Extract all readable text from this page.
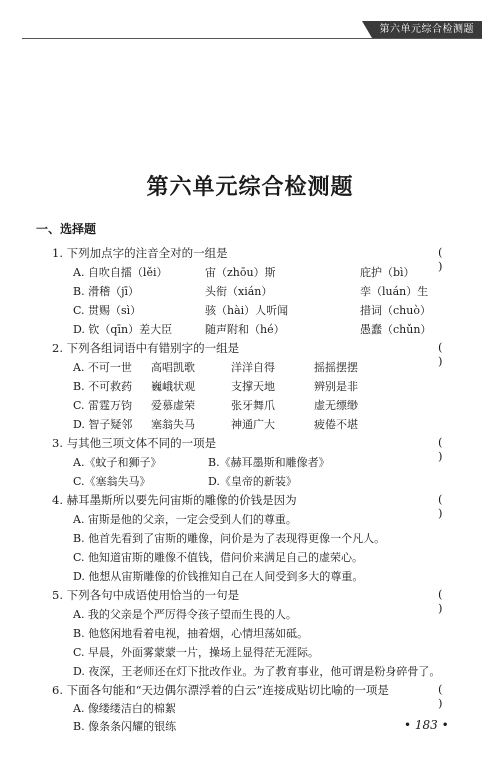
第六单元综合检测题
第六单元综合检测题
一、选择题
1. 下列加点字的注音全对的一组是	( )
A. 自吹自擂（lěi）	宙（zhōu）斯	庇护（bì）
B. 滑稽（jī）	头衔（xián）	孪（luán）生
C. 贯赐（sì）	骇（hài）人听闻	措词（chuò）
D. 钦（qīn）差大臣	随声附和（hé）	愚蠢（chǔn）
2. 下列各组词语中有错别字的一组是	( )
A. 不可一世 高唱凯歌	洋洋自得	摇摇摆摆
B. 不可救药 巍峨状观	支撑天地	辨别是非
C. 雷霆万钧 爱慕虚荣	张牙舞爪	虚无缥缈
D. 智子疑邻 塞翁失马	神通广大	疲倦不堪
3. 与其他三项文体不同的一项是	( )
A.《蚊子和狮子》	B.《赫耳墨斯和雕像者》
C.《塞翁失马》	D.《皇帝的新装》
4. 赫耳墨斯所以要先问宙斯的雕像的价钱是因为	( )
A. 宙斯是他的父亲，一定会受到人们的尊重。
B. 他首先看到了宙斯的雕像，问价是为了表现得更像一个凡人。
C. 他知道宙斯的雕像不值钱，借问价来满足自己的虚荣心。
D. 他想从宙斯雕像的价钱推知自己在人间受到多大的尊重。
5. 下列各句中成语使用恰当的一句是	( )
A. 我的父亲是个严厉得令孩子望而生畏的人。
B. 他悠闲地看着电视，抽着烟，心情坦荡如砥。
C. 早晨，外面雾蒙蒙一片，操场上显得茫无涯际。
D. 夜深，王老师还在灯下批改作业。为了教育事业，他可谓是粉身碎骨了。
6. 下面各句能和“天边偶尔漂浮着的白云”连接成贴切比喻的一项是	( )
A. 像缕缕洁白的棉絮
B. 像条条闪耀的银练	• 183 •
